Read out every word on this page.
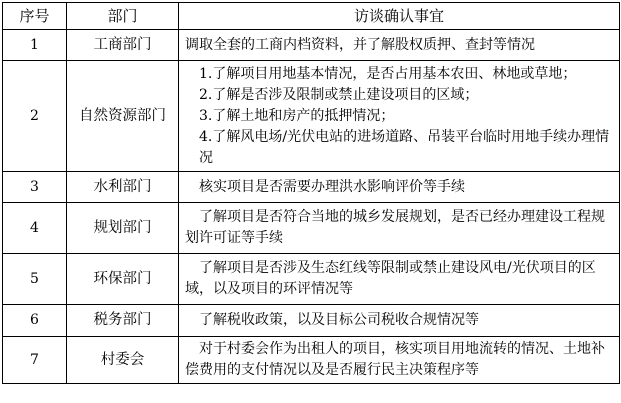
序号	部门	访谈确认事宜
1	工商部门	调取全套的工商内档资料，并了解股权质押、查封等情况
2	自然资源部门	1.了解项目用地基本情况，是否占用基本农田、林地或草地；
2.了解是否涉及限制或禁止建设项目的区域；
3.了解土地和房产的抵押情况；
4.了解风电场/光伏电站的进场道路、吊装平台临时用地手续办理情况

3	水利部门	核实项目是否需要办理洪水影响评价等手续
4	规划部门	了解项目是否符合当地的城乡发展规划，是否已经办理建设工程规划许可证等手续
5	环保部门	了解项目是否涉及生态红线等限制或禁止建设风电/光伏项目的区域，以及项目的环评情况等
6	税务部门	了解税收政策，以及目标公司税收合规情况等
7	村委会	对于村委会作为出租人的项目，核实项目用地流转的情况、土地补偿费用的支付情况以及是否履行民主决策程序等
